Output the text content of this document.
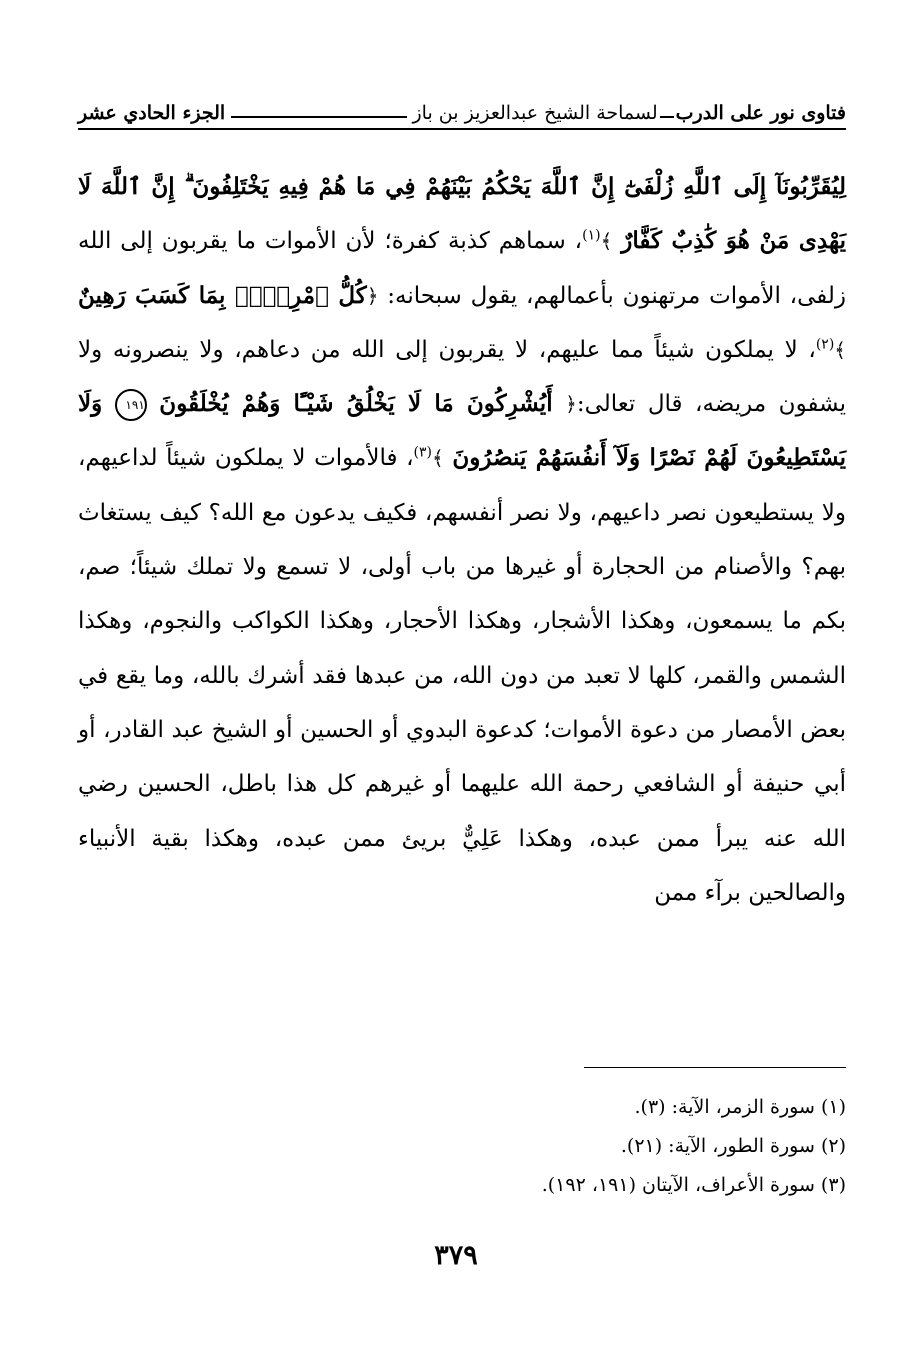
فتاوى نور على الدرب
لسماحة الشيخ عبدالعزيز بن باز
الجزء الحادي عشر
لِيُقَرِّبُونَآ إِلَى ٱللَّهِ زُلْفَىٰٓ إِنَّ ٱللَّهَ يَحْكُمُ بَيْنَهُمْ فِي مَا هُمْ فِيهِ يَخْتَلِفُونَ ۗ إِنَّ ٱللَّهَ لَا يَهْدِى مَنْ هُوَ كَٰذِبٌ كَفَّارٌ ﴾$^{(١)}$، سماهم كذبة كفرة؛ لأن الأموات ما يقربون إلى الله زلفى، الأموات مرتهنون بأعمالهم، يقول سبحانه: ﴿كُلُّ ٱمْرِيِٕۭ بِمَا كَسَبَ رَهِينٌ ﴾$^{(٢)}$، لا يملكون شيئاً مما عليهم، لا يقربون إلى الله من دعاهم، ولا ينصرونه ولا يشفون مريضه، قال تعالى:﴿ أَيُشْرِكُونَ مَا لَا يَخْلُقُ شَيْـًٔا وَهُمْ يُخْلَقُونَ ١٩١ وَلَا يَسْتَطِيعُونَ لَهُمْ نَصْرًا وَلَآ أَنفُسَهُمْ يَنصُرُونَ ﴾$^{(٣)}$، فالأموات لا يملكون شيئاً لداعيهم، ولا يستطيعون نصر داعيهم، ولا نصر أنفسهم، فكيف يدعون مع الله؟ كيف يستغاث بهم؟ والأصنام من الحجارة أو غيرها من باب أولى، لا تسمع ولا تملك شيئاً؛ صم، بكم ما يسمعون، وهكذا الأشجار، وهكذا الأحجار، وهكذا الكواكب والنجوم، وهكذا الشمس والقمر، كلها لا تعبد من دون الله، من عبدها فقد أشرك بالله، وما يقع في بعض الأمصار من دعوة الأموات؛ كدعوة البدوي أو الحسين أو الشيخ عبد القادر، أو أبي حنيفة أو الشافعي رحمة الله عليهما أو غيرهم كل هذا باطل، الحسين رضي الله عنه يبرأ ممن عبده، وهكذا عَلِيٌّ بريئ ممن عبده، وهكذا بقية الأنبياء والصالحين برآء ممن
(١) سورة الزمر، الآية: (٣).
(٢) سورة الطور، الآية: (٢١).
(٣) سورة الأعراف، الآيتان (١٩١، ١٩٢).
٣٧٩
